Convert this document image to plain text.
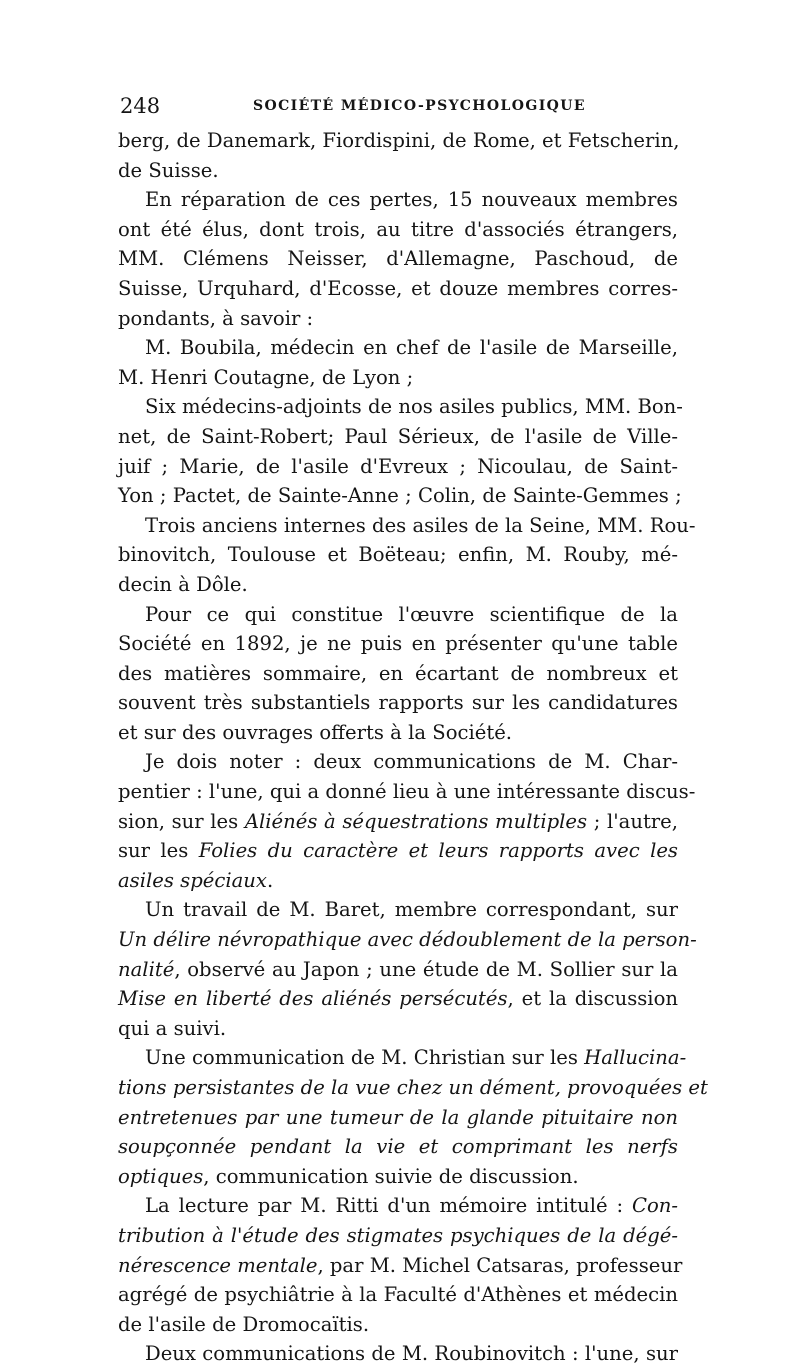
248	SOCIÉTÉ MÉDICO-PSYCHOLOGIQUE
berg, de Danemark, Fiordispini, de Rome, et Fetscherin,
de Suisse.
En réparation de ces pertes, 15 nouveaux membres
ont été élus, dont trois, au titre d'associés étrangers,
MM. Clémens Neisser, d'Allemagne, Paschoud, de
Suisse, Urquhard, d'Ecosse, et douze membres corres-
pondants, à savoir :
M. Boubila, médecin en chef de l'asile de Marseille,
M. Henri Coutagne, de Lyon ;
Six médecins-adjoints de nos asiles publics, MM. Bon-
net, de Saint-Robert; Paul Sérieux, de l'asile de Ville-
juif ; Marie, de l'asile d'Evreux ; Nicoulau, de Saint-
Yon ; Pactet, de Sainte-Anne ; Colin, de Sainte-Gemmes ;
Trois anciens internes des asiles de la Seine, MM. Rou-
binovitch, Toulouse et Boëteau; enfin, M. Rouby, mé-
decin à Dôle.
Pour ce qui constitue l'œuvre scientifique de la
Société en 1892, je ne puis en présenter qu'une table
des matières sommaire, en écartant de nombreux et
souvent très substantiels rapports sur les candidatures
et sur des ouvrages offerts à la Société.
Je dois noter : deux communications de M. Char-
pentier : l'une, qui a donné lieu à une intéressante discus-
sion, sur les Aliénés à séquestrations multiples ; l'autre,
sur les Folies du caractère et leurs rapports avec les
asiles spéciaux.
Un travail de M. Baret, membre correspondant, sur
Un délire névropathique avec dédoublement de la person-
nalité, observé au Japon ; une étude de M. Sollier sur la
Mise en liberté des aliénés persécutés, et la discussion
qui a suivi.
Une communication de M. Christian sur les Hallucina-
tions persistantes de la vue chez un dément, provoquées et
entretenues par une tumeur de la glande pituitaire non
soupçonnée pendant la vie et comprimant les nerfs
optiques, communication suivie de discussion.
La lecture par M. Ritti d'un mémoire intitulé : Con-
tribution à l'étude des stigmates psychiques de la dégé-
nérescence mentale, par M. Michel Catsaras, professeur
agrégé de psychiâtrie à la Faculté d'Athènes et médecin
de l'asile de Dromocaïtis.
Deux communications de M. Roubinovitch : l'une, sur
